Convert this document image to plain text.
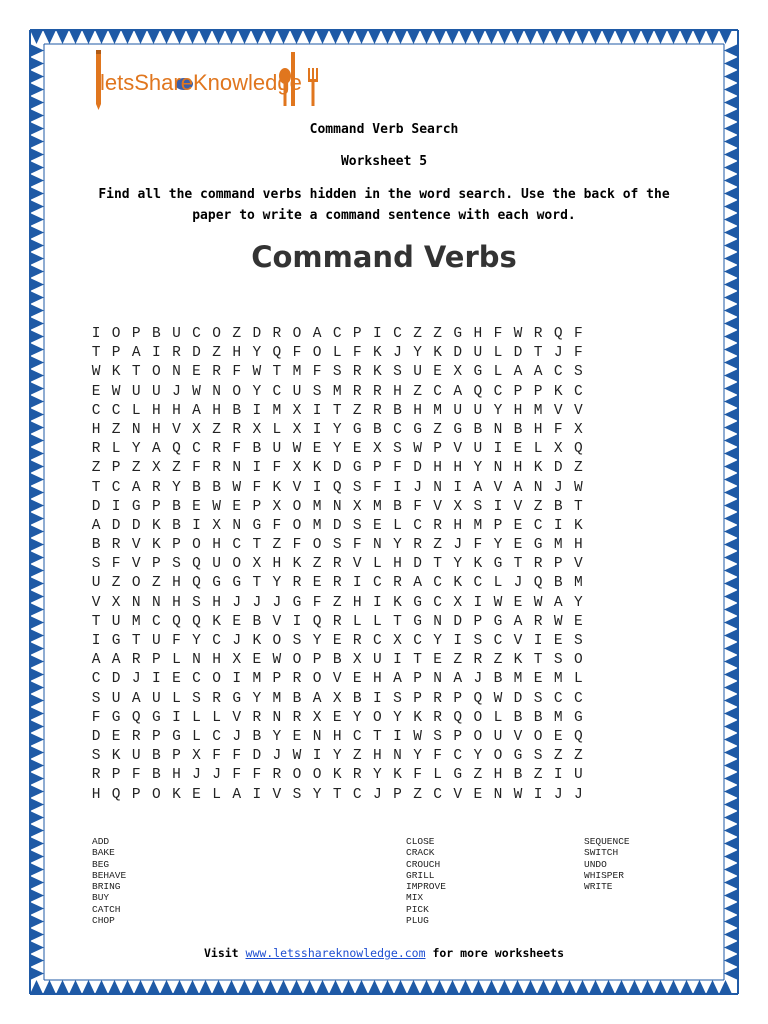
letsShareKnowledge
Command Verb Search
Worksheet 5
Find all the command verbs hidden in the word search. Use the back of the
paper to write a command sentence with each word.
Command Verbs
I O P B U C O Z D R O A C P I C Z Z G H F W R Q F
T P A I R D Z H Y Q F O L F K J Y K D U L D T J F
W K T O N E R F W T M F S R K S U E X G L A A C S
E W U U J W N O Y C U S M R R H Z C A Q C P P K C
C C L H H A H B I M X I T Z R B H M U U Y H M V V
H Z N H V X Z R X L X I Y G B C G Z G B N B H F X
R L Y A Q C R F B U W E Y E X S W P V U I E L X Q
Z P Z X Z F R N I F X K D G P F D H H Y N H K D Z
T C A R Y B B W F K V I Q S F I J N I A V A N J W
D I G P B E W E P X O M N X M B F V X S I V Z B T
A D D K B I X N G F O M D S E L C R H M P E C I K
B R V K P O H C T Z F O S F N Y R Z J F Y E G M H
S F V P S Q U O X H K Z R V L H D T Y K G T R P V
U Z O Z H Q G G T Y R E R I C R A C K C L J Q B M
V X N N H S H J J J G F Z H I K G C X I W E W A Y
T U M C Q Q K E B V I Q R L L T G N D P G A R W E
I G T U F Y C J K O S Y E R C X C Y I S C V I E S
A A R P L N H X E W O P B X U I T E Z R Z K T S O
C D J I E C O I M P R O V E H A P N A J B M E M L
S U A U L S R G Y M B A X B I S P R P Q W D S C C
F G Q G I L L V R N R X E Y O Y K R Q O L B B M G
D E R P G L C J B Y E N H C T I W S P O U V O E Q
S K U B P X F F D J W I Y Z H N Y F C Y O G S Z Z
R P F B H J J F F R O O K R Y K F L G Z H B Z I U
H Q P O K E L A I V S Y T C J P Z C V E N W I J J
ADD
BAKE
BEG
BEHAVE
BRING
BUY
CATCH
CHOP
CLOSE
CRACK
CROUCH
GRILL
IMPROVE
MIX
PICK
PLUG
SEQUENCE
SWITCH
UNDO
WHISPER
WRITE
Visit www.letsshareknowledge.com for more worksheets
